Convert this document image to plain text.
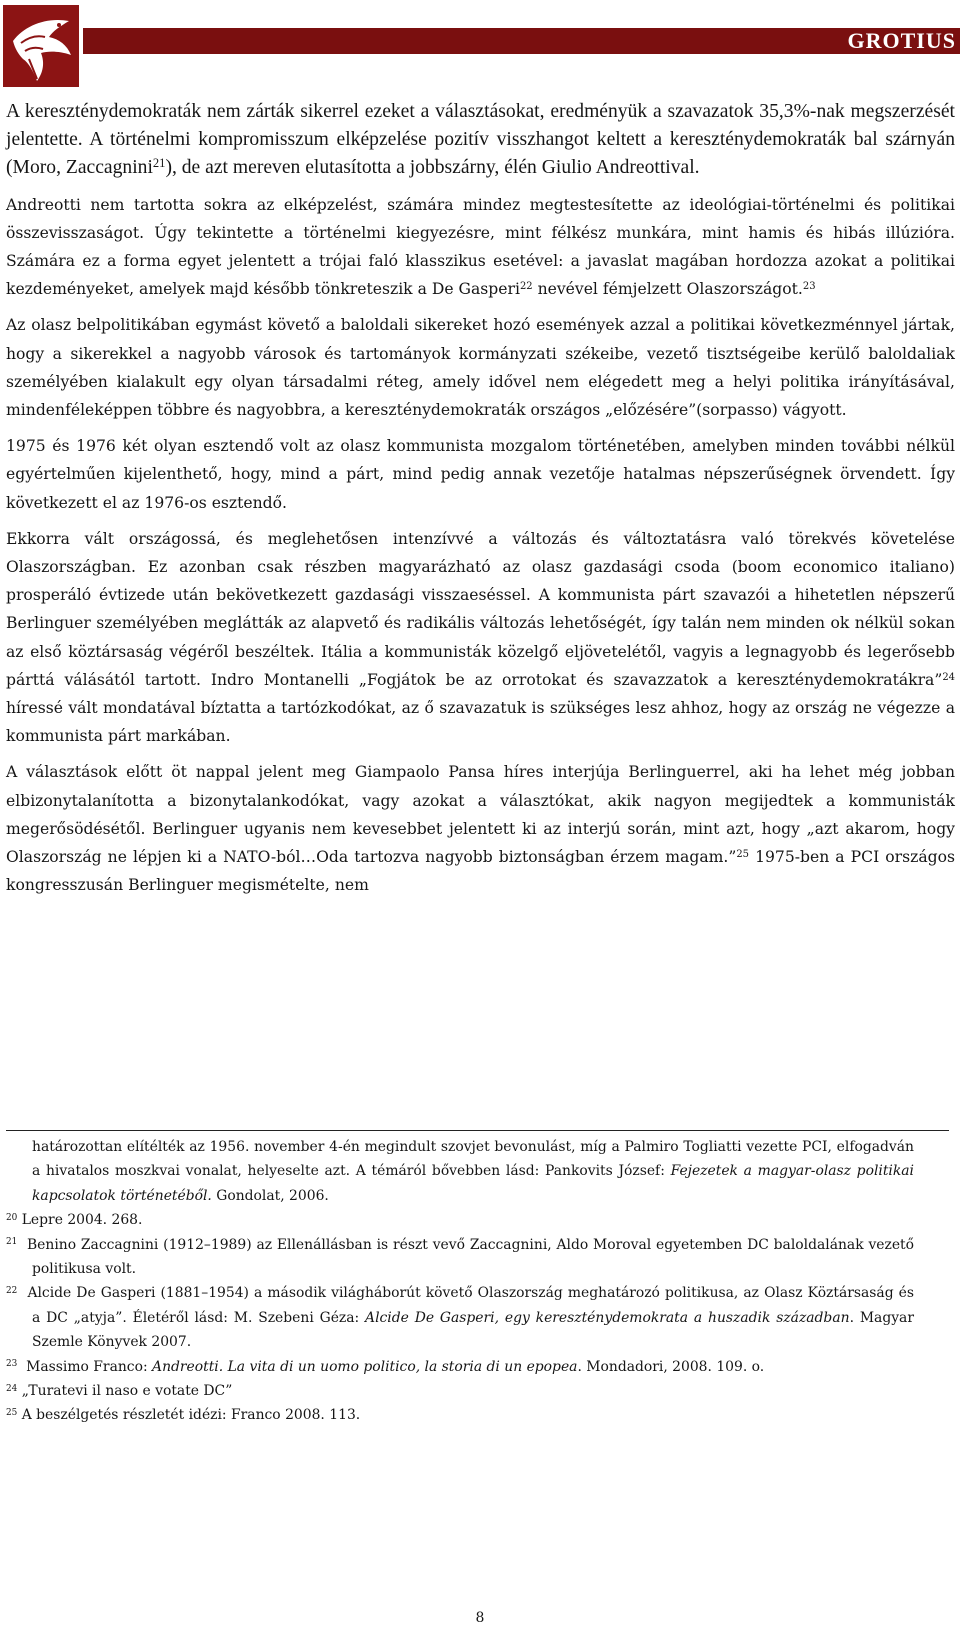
GROTIUS

A kereszténydemokraták nem zárták sikerrel ezeket a választásokat, eredményük a szavazatok 35,3%-nak megszerzését jelentette. A történelmi kompromisszum elképzelése pozitív visszhangot keltett a kereszténydemokraták bal szárnyán (Moro, Zaccagnini$^{21}$), de azt mereven elutasította a jobbszárny, élén Giulio Andreottival.

Andreotti nem tartotta sokra az elképzelést, számára mindez megtestesítette az ideológiai-történelmi és politikai összevisszaságot. Úgy tekintette a történelmi kiegyezésre, mint félkész munkára, mint hamis és hibás illúzióra. Számára ez a forma egyet jelentett a trójai faló klasszikus esetével: a javaslat magában hordozza azokat a politikai kezdeményeket, amelyek majd később tönkreteszik a De Gasperi$^{22}$ nevével fémjelzett Olaszországot.$^{23}$

Az olasz belpolitikában egymást követő a baloldali sikereket hozó események azzal a politikai következménnyel jártak, hogy a sikerekkel a nagyobb városok és tartományok kormányzati székeibe, vezető tisztségeibe kerülő baloldaliak személyében kialakult egy olyan társadalmi réteg, amely idővel nem elégedett meg a helyi politika irányításával, mindenféleképpen többre és nagyobbra, a kereszténydemokraták országos „előzésére”(sorpasso) vágyott.

1975 és 1976 két olyan esztendő volt az olasz kommunista mozgalom történetében, amelyben minden további nélkül egyértelműen kijelenthető, hogy, mind a párt, mind pedig annak vezetője hatalmas népszerűségnek örvendett. Így következett el az 1976-os esztendő.

Ekkorra vált országossá, és meglehetősen intenzívvé a változás és változtatásra való törekvés követelése Olaszországban. Ez azonban csak részben magyarázható az olasz gazdasági csoda (boom economico italiano) prosperáló évtizede után bekövetkezett gazdasági visszaeséssel. A kommunista párt szavazói a hihetetlen népszerű Berlinguer személyében meglátták az alapvető és radikális változás lehetőségét, így talán nem minden ok nélkül sokan az első köztársaság végéről beszéltek. Itália a kommunisták közelgő eljövetelétől, vagyis a legnagyobb és legerősebb párttá válásától tartott. Indro Montanelli „Fogjátok be az orrotokat és szavazzatok a kereszténydemokratákra”$^{24}$ híressé vált mondatával bíztatta a tartózkodókat, az ő szavazatuk is szükséges lesz ahhoz, hogy az ország ne végezze a kommunista párt markában.

A választások előtt öt nappal jelent meg Giampaolo Pansa híres interjúja Berlinguerrel, aki ha lehet még jobban elbizonytalanította a bizonytalankodókat, vagy azokat a választókat, akik nagyon megijedtek a kommunisták megerősödésétől. Berlinguer ugyanis nem kevesebbet jelentett ki az interjú során, mint azt, hogy „azt akarom, hogy Olaszország ne lépjen ki a NATO-ból…Oda tartozva nagyobb biztonságban érzem magam.”$^{25}$ 1975-ben a PCI országos kongresszusán Berlinguer megismételte, nem

határozottan elítélték az 1956. november 4-én megindult szovjet bevonulást, míg a Palmiro Togliatti vezette PCI, elfogadván a hivatalos moszkvai vonalat, helyeselte azt. A témáról bővebben lásd: Pankovits József: Fejezetek a magyar-olasz politikai kapcsolatok történetéből. Gondolat, 2006.

$^{20}$ Lepre 2004. 268.

$^{21}$ Benino Zaccagnini (1912–1989) az Ellenállásban is részt vevő Zaccagnini, Aldo Moroval egyetemben DC baloldalának vezető politikusa volt.

$^{22}$ Alcide De Gasperi (1881–1954) a második világháborút követő Olaszország meghatározó politikusa, az Olasz Köztársaság és a DC „atyja”. Életéről lásd: M. Szebeni Géza: Alcide De Gasperi, egy kereszténydemokrata a huszadik században. Magyar Szemle Könyvek 2007.

$^{23}$ Massimo Franco: Andreotti. La vita di un uomo politico, la storia di un epopea. Mondadori, 2008. 109. o.

$^{24}$ „Turatevi il naso e votate DC”

$^{25}$ A beszélgetés részletét idézi: Franco 2008. 113.

8
